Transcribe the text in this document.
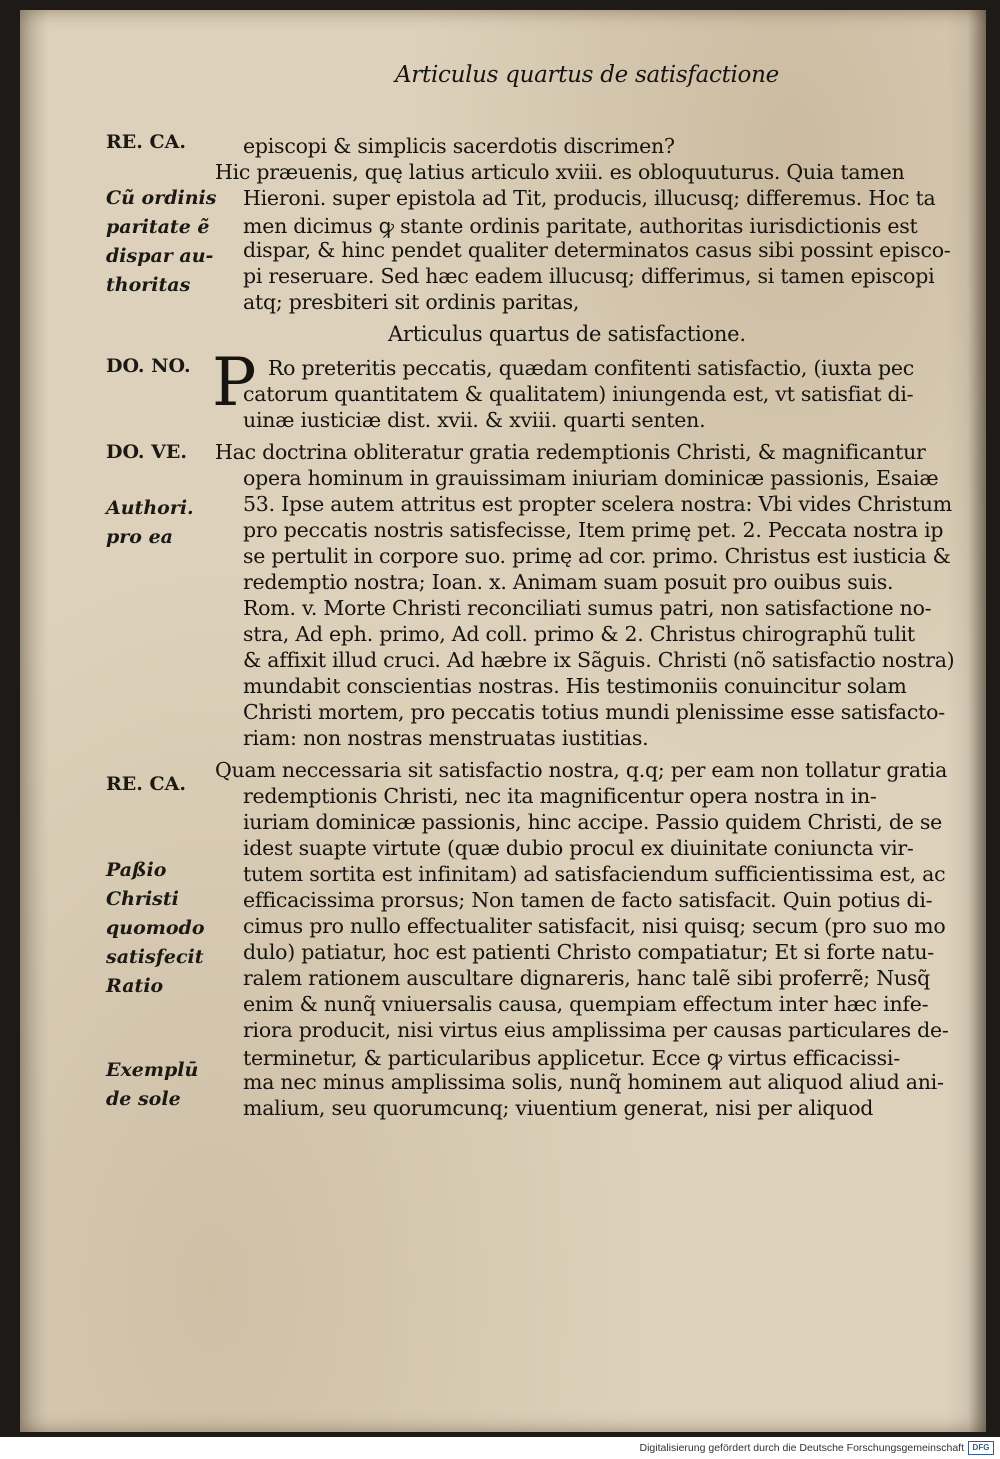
Articulus quartus de satisfactione
RE. CA.
Cũ ordinis
paritate ẽ
dispar au-
thoritas
DO. NO.
DO. VE.
Authori.
pro ea
RE. CA.
Paßio
Christi
quomodo
satisfecit
Ratio
Exemplū
de sole
P
episcopi & simplicis sacerdotis discrimen?
Hic præuenis, quę latius articulo xviii. es obloquuturus. Quia tamen
Hieroni. super epistola ad Tit, producis, illucusq; differemus. Hoc ta
men dicimus ꝙ stante ordinis paritate, authoritas iurisdictionis est
dispar, & hinc pendet qualiter determinatos casus sibi possint episco-
pi reseruare. Sed hæc eadem illucusq; differimus, si tamen episcopi
atq; presbiteri sit ordinis paritas,
Articulus quartus de satisfactione.
Ro preteritis peccatis, quædam confitenti satisfactio, (iuxta pec
catorum quantitatem & qualitatem) iniungenda est, vt satisfiat di-
uinæ iusticiæ dist. xvii. & xviii. quarti senten.
Hac doctrina obliteratur gratia redemptionis Christi, & magnificantur
opera hominum in grauissimam iniuriam dominicæ passionis, Esaiæ
53. Ipse autem attritus est propter scelera nostra: Vbi vides Christum
pro peccatis nostris satisfecisse, Item primę pet. 2. Peccata nostra ip
se pertulit in corpore suo. primę ad cor. primo. Christus est iusticia &
redemptio nostra; Ioan. x. Animam suam posuit pro ouibus suis.
Rom. v. Morte Christi reconciliati sumus patri, non satisfactione no-
stra, Ad eph. primo, Ad coll. primo & 2. Christus chirographũ tulit
& affixit illud cruci. Ad hæbre ix Sãguis. Christi (nõ satisfactio nostra)
mundabit conscientias nostras. His testimoniis conuincitur solam
Christi mortem, pro peccatis totius mundi plenissime esse satisfacto-
riam: non nostras menstruatas iustitias.
Quam neccessaria sit satisfactio nostra, q.q; per eam non tollatur gratia
redemptionis Christi, nec ita magnificentur opera nostra in in-
iuriam dominicæ passionis, hinc accipe. Passio quidem Christi, de se
idest suapte virtute (quæ dubio procul ex diuinitate coniuncta vir-
tutem sortita est infinitam) ad satisfaciendum sufficientissima est, ac
efficacissima prorsus; Non tamen de facto satisfacit. Quin potius di-
cimus pro nullo effectualiter satisfacit, nisi quisq; secum (pro suo mo
dulo) patiatur, hoc est patienti Christo compatiatur; Et si forte natu-
ralem rationem auscultare dignareris, hanc talẽ sibi proferrẽ; Nusq̃
enim & nunq̃ vniuersalis causa, quempiam effectum inter hæc infe-
riora producit, nisi virtus eius amplissima per causas particulares de-
terminetur, & particularibus applicetur. Ecce ꝙ virtus efficacissi-
ma nec minus amplissima solis, nunq̃ hominem aut aliquod aliud ani-
malium, seu quorumcunq; viuentium generat, nisi per aliquod
Digitalisierung gefördert durch die Deutsche Forschungsgemeinschaft	DFG
